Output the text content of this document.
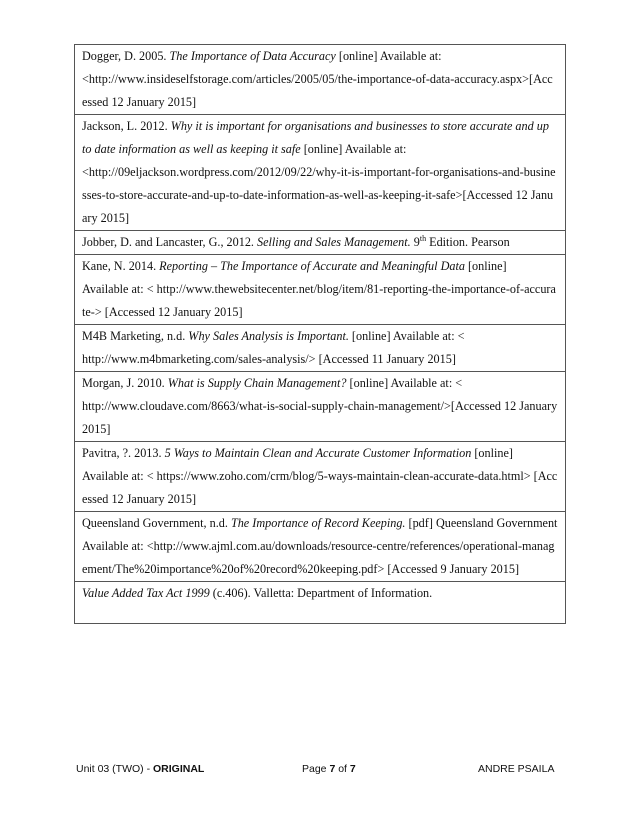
Dogger, D. 2005. The Importance of Data Accuracy [online] Available at:
<http://www.insideselfstorage.com/articles/2005/05/the-importance-of-data-accuracy.aspx>[Accessed 12 January 2015]
Jackson, L. 2012. Why it is important for organisations and businesses to store accurate and up to date information as well as keeping it safe [online] Available at:
<http://09eljackson.wordpress.com/2012/09/22/why-it-is-important-for-organisations-and-businesses-to-store-accurate-and-up-to-date-information-as-well-as-keeping-it-safe>[Accessed 12 January 2015]
Jobber, D. and Lancaster, G., 2012. Selling and Sales Management. 9th Edition. Pearson
Kane, N. 2014. Reporting – The Importance of Accurate and Meaningful Data [online]
Available at: < http://www.thewebsitecenter.net/blog/item/81-reporting-the-importance-of-accurate-> [Accessed 12 January 2015]
M4B Marketing, n.d. Why Sales Analysis is Important. [online] Available at: <
http://www.m4bmarketing.com/sales-analysis/> [Accessed 11 January 2015]
Morgan, J. 2010. What is Supply Chain Management? [online] Available at: <
http://www.cloudave.com/8663/what-is-social-supply-chain-management/>[Accessed 12 January 2015]
Pavitra, ?. 2013. 5 Ways to Maintain Clean and Accurate Customer Information [online]
Available at: < https://www.zoho.com/crm/blog/5-ways-maintain-clean-accurate-data.html> [Accessed 12 January 2015]
Queensland Government, n.d. The Importance of Record Keeping. [pdf] Queensland Government Available at: <http://www.ajml.com.au/downloads/resource-centre/references/operational-management/The%20importance%20of%20record%20keeping.pdf> [Accessed 9 January 2015]
Value Added Tax Act 1999 (c.406). Valletta: Department of Information.
Unit 03 (TWO) - ORIGINAL	Page 7 of 7	ANDRE PSAILA
